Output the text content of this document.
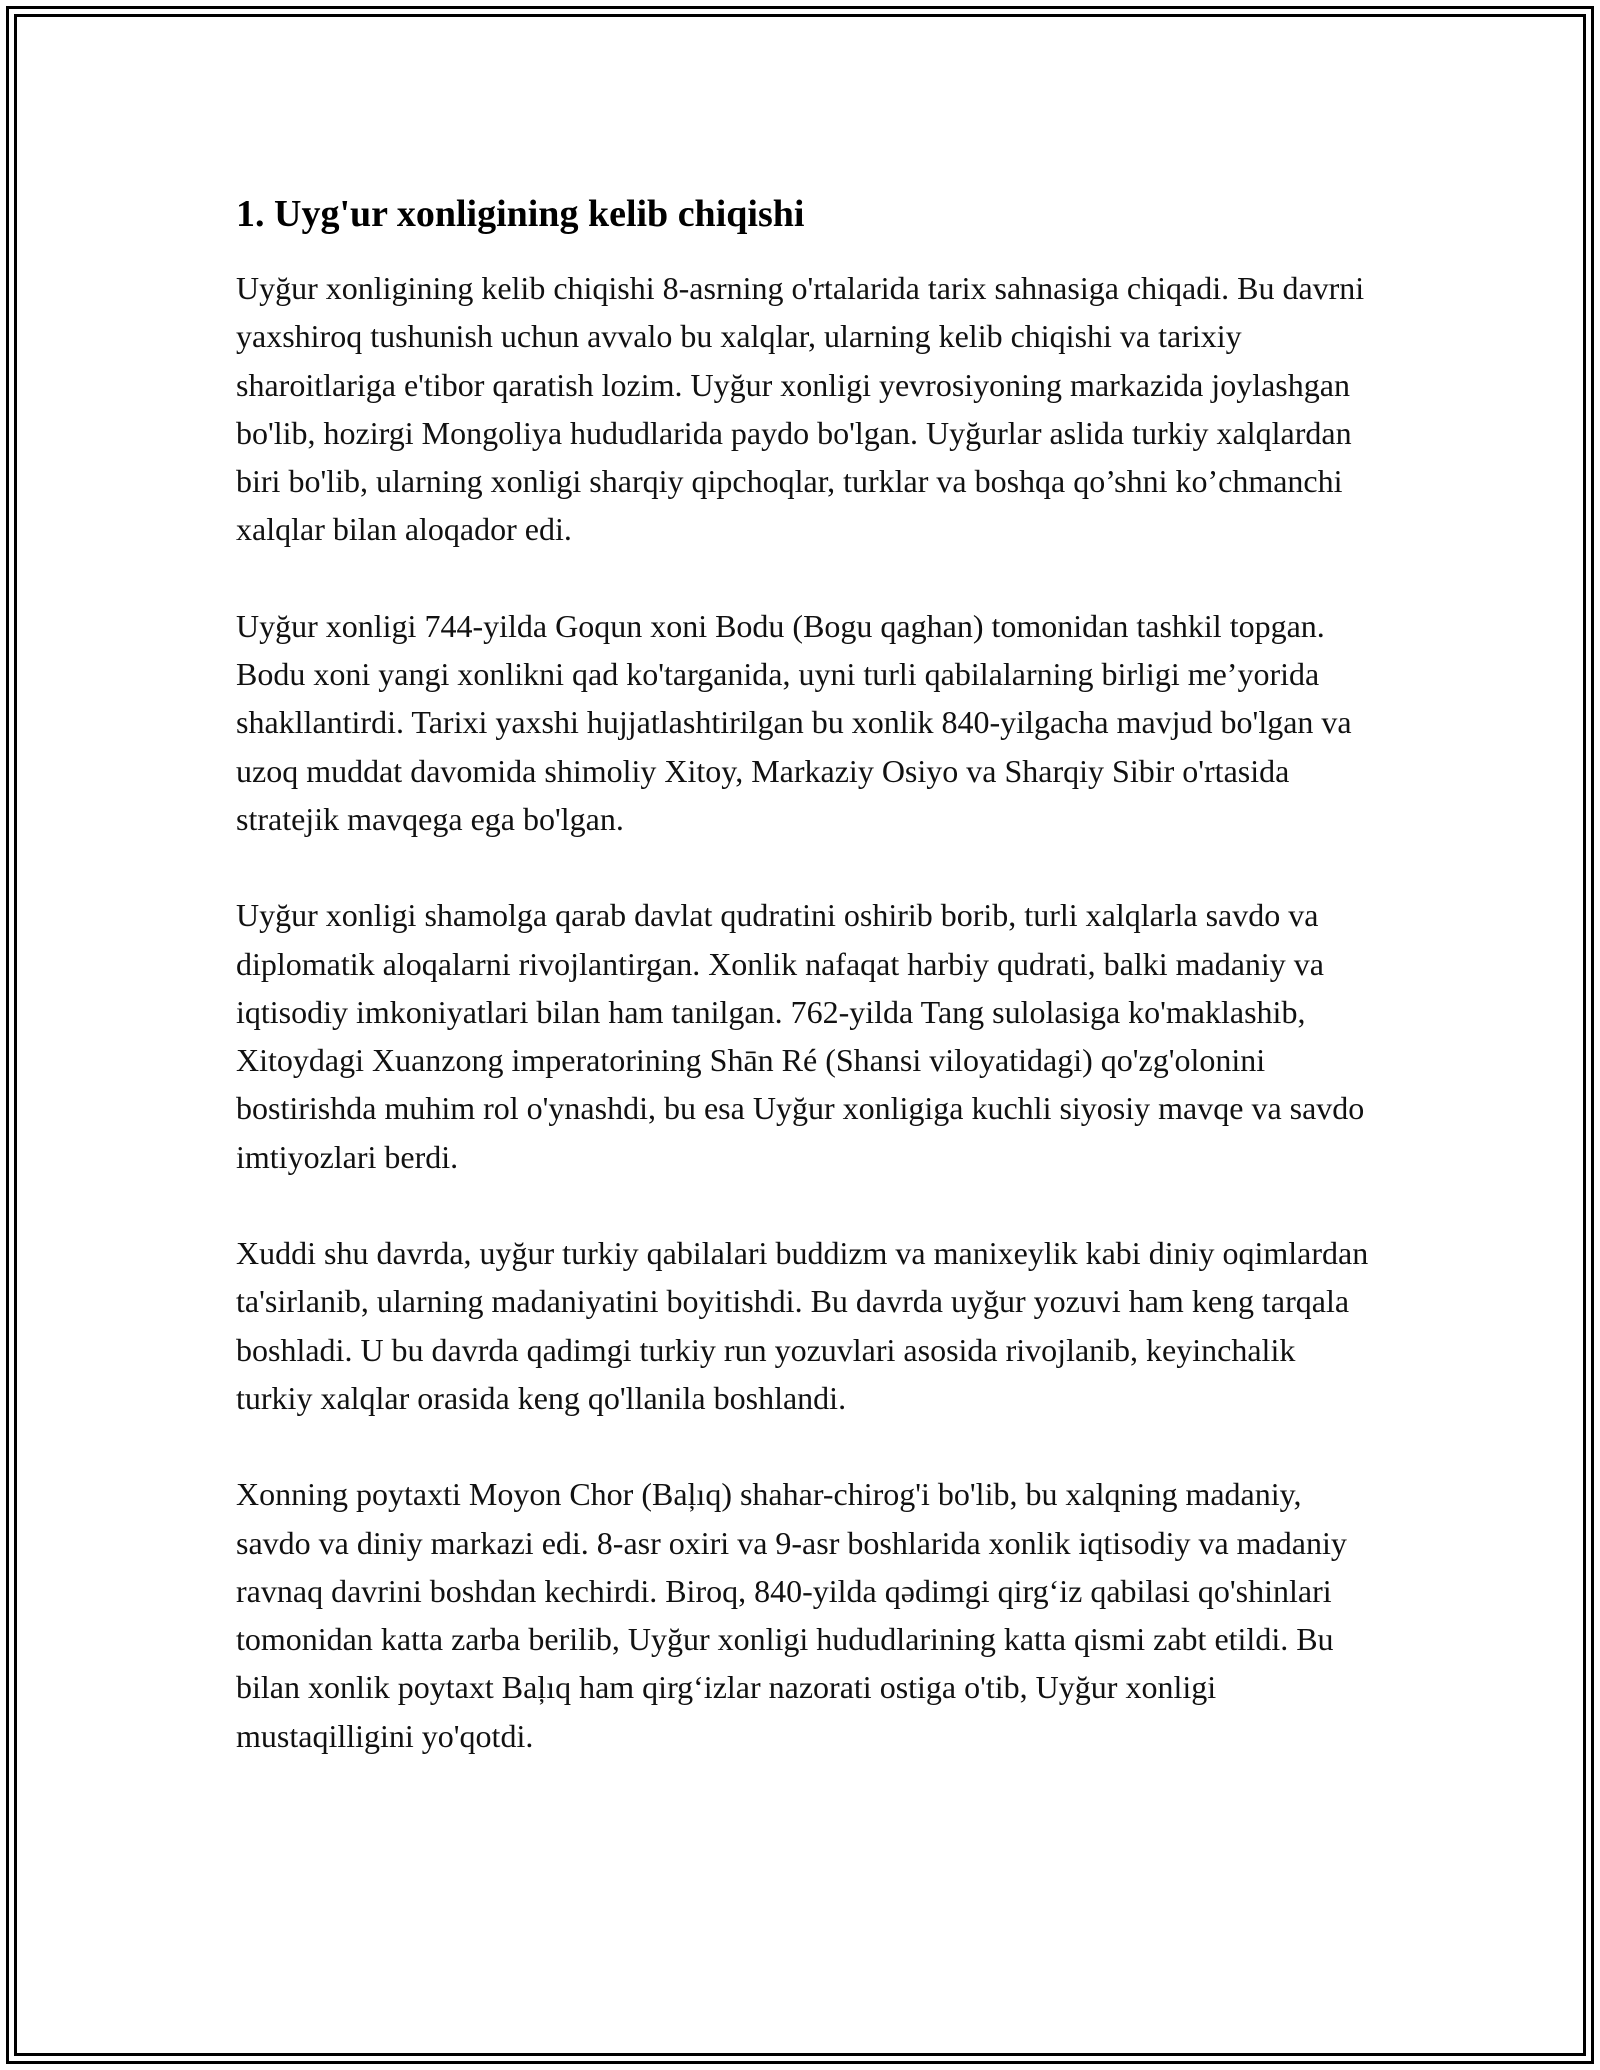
1. Uyg'ur xonligining kelib chiqishi

Uyğur xonligining kelib chiqishi 8-asrning o'rtalarida tarix sahnasiga chiqadi. Bu davrni yaxshiroq tushunish uchun avvalo bu xalqlar, ularning kelib chiqishi va tarixiy sharoitlariga e'tibor qaratish lozim. Uyğur xonligi yevrosiyoning markazida joylashgan bo'lib, hozirgi Mongoliya hududlarida paydo bo'lgan. Uyğurlar aslida turkiy xalqlardan biri bo'lib, ularning xonligi sharqiy qipchoqlar, turklar va boshqa qo’shni ko’chmanchi xalqlar bilan aloqador edi.

Uyğur xonligi 744-yilda Goqun xoni Bodu (Bogu qaghan) tomonidan tashkil topgan. Bodu xoni yangi xonlikni qad ko'targanida, uyni turli qabilalarning birligi me’yorida shakllantirdi. Tarixi yaxshi hujjatlashtirilgan bu xonlik 840-yilgacha mavjud bo'lgan va uzoq muddat davomida shimoliy Xitoy, Markaziy Osiyo va Sharqiy Sibir o'rtasida stratejik mavqega ega bo'lgan.

Uyğur xonligi shamolga qarab davlat qudratini oshirib borib, turli xalqlarla savdo va diplomatik aloqalarni rivojlantirgan. Xonlik nafaqat harbiy qudrati, balki madaniy va iqtisodiy imkoniyatlari bilan ham tanilgan. 762-yilda Tang sulolasiga ko'maklashib, Xitoydagi Xuanzong imperatorining Shān Ré (Shansi viloyatidagi) qo'zg'olonini bostirishda muhim rol o'ynashdi, bu esa Uyğur xonligiga kuchli siyosiy mavqe va savdo imtiyozlari berdi.

Xuddi shu davrda, uyğur turkiy qabilalari buddizm va manixeylik kabi diniy oqimlardan ta'sirlanib, ularning madaniyatini boyitishdi. Bu davrda uyğur yozuvi ham keng tarqala boshladi. U bu davrda qadimgi turkiy run yozuvlari asosida rivojlanib, keyinchalik turkiy xalqlar orasida keng qo'llanila boshlandi.

Xonning poytaxti Moyon Chor (Baļıq) shahar-chirog'i bo'lib, bu xalqning madaniy, savdo va diniy markazi edi. 8-asr oxiri va 9-asr boshlarida xonlik iqtisodiy va madaniy ravnaq davrini boshdan kechirdi. Biroq, 840-yilda qədimgi qirg‘iz qabilasi qo'shinlari tomonidan katta zarba berilib, Uyğur xonligi hududlarining katta qismi zabt etildi. Bu bilan xonlik poytaxt Baļıq ham qirg‘izlar nazorati ostiga o'tib, Uyğur xonligi mustaqilligini yo'qotdi.
